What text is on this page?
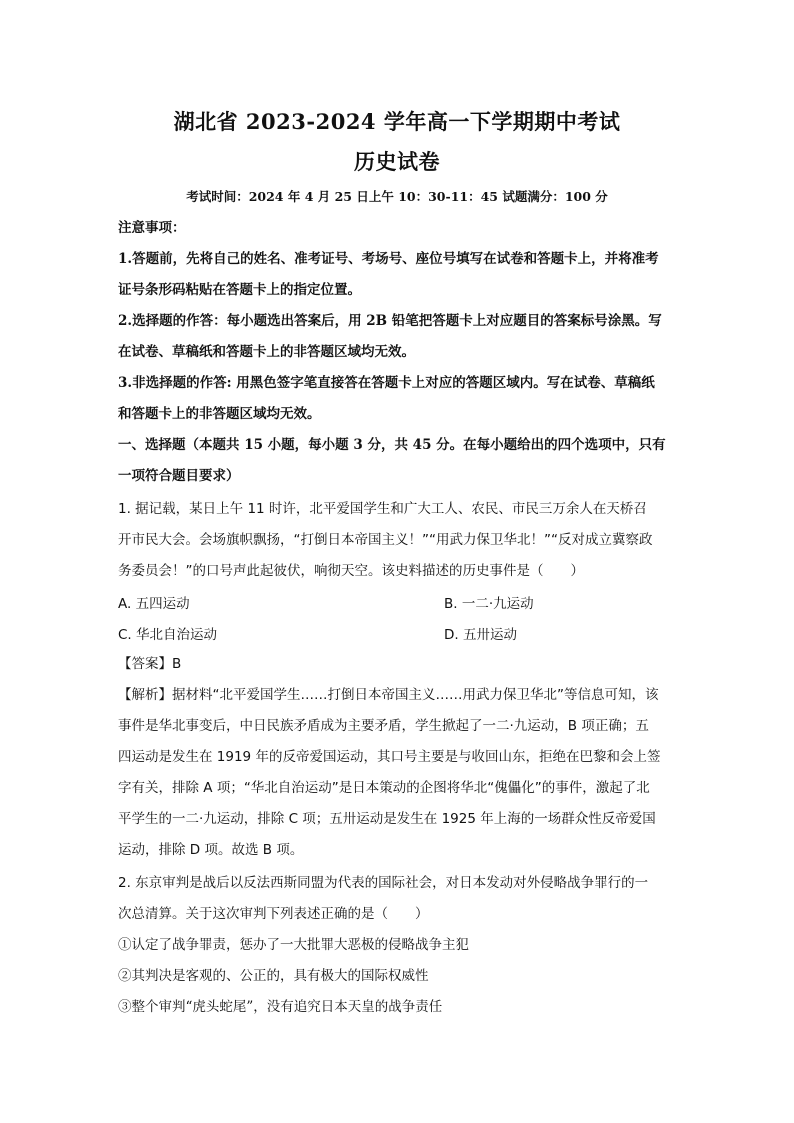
湖北省 2023-2024 学年高一下学期期中考试
历史试卷
考试时间：2024 年 4 月 25 日上午 10：30-11：45 试题满分：100 分
注意事项：
1.答题前，先将自己的姓名、准考证号、考场号、座位号填写在试卷和答题卡上，并将准考
证号条形码粘贴在答题卡上的指定位置。
2.选择题的作答：每小题选出答案后，用 2B 铅笔把答题卡上对应题目的答案标号涂黑。写
在试卷、草稿纸和答题卡上的非答题区域均无效。
3.非选择题的作答: 用黑色签字笔直接答在答题卡上对应的答题区域内。写在试卷、草稿纸
和答题卡上的非答题区域均无效。
一、选择题（本题共 15 小题，每小题 3 分，共 45 分。在每小题给出的四个选项中，只有
一项符合题目要求）
1. 据记载，某日上午 11 时许，北平爱国学生和广大工人、农民、市民三万余人在天桥召
开市民大会。会场旗帜飘扬，“打倒日本帝国主义！”“用武力保卫华北！”“反对成立冀察政
务委员会！”的口号声此起彼伏，响彻天空。该史料描述的历史事件是（　　）
A. 五四运动	B. 一二·九运动
C. 华北自治运动	D. 五卅运动
【答案】B
【解析】据材料“北平爱国学生……打倒日本帝国主义……用武力保卫华北”等信息可知，该
事件是华北事变后，中日民族矛盾成为主要矛盾，学生掀起了一二·九运动，B 项正确；五
四运动是发生在 1919 年的反帝爱国运动，其口号主要是与收回山东，拒绝在巴黎和会上签
字有关，排除 A 项；“华北自治运动”是日本策动的企图将华北“傀儡化”的事件，激起了北
平学生的一二·九运动，排除 C 项；五卅运动是发生在 1925 年上海的一场群众性反帝爱国
运动，排除 D 项。故选 B 项。
2. 东京审判是战后以反法西斯同盟为代表的国际社会，对日本发动对外侵略战争罪行的一
次总清算。关于这次审判下列表述正确的是（　　）
①认定了战争罪责，惩办了一大批罪大恶极的侵略战争主犯
②其判决是客观的、公正的，具有极大的国际权威性
③整个审判“虎头蛇尾”，没有追究日本天皇的战争责任
